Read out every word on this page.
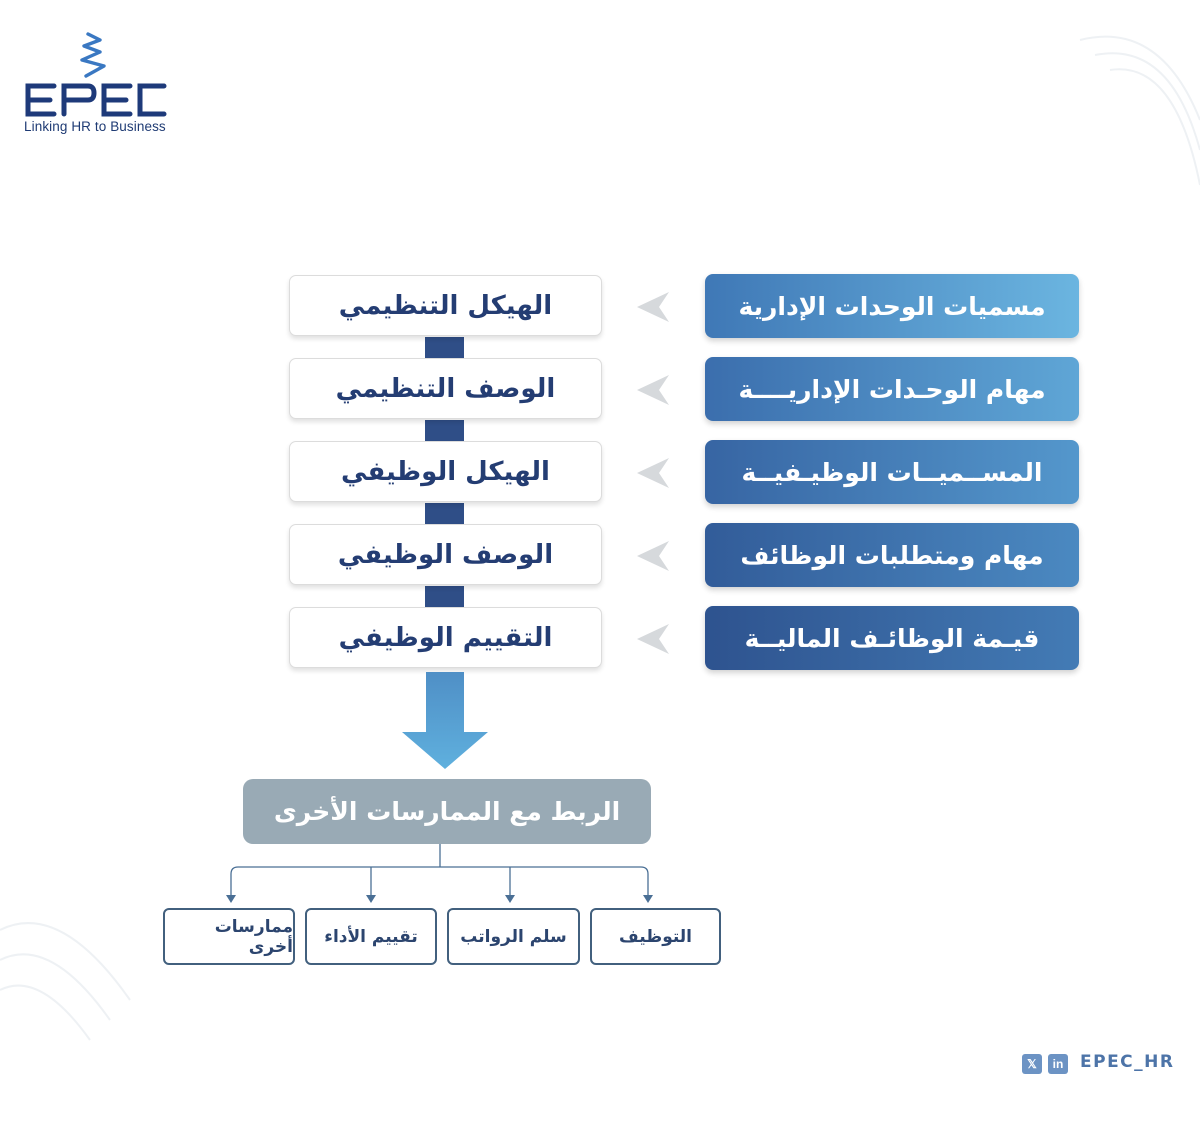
EPEC
Linking HR to Business
الهيكل التنظيمي
الوصف التنظيمي
الهيكل الوظيفي
الوصف الوظيفي
التقييم الوظيفي
مسميات الوحدات الإدارية
مهام الوحـدات الإداريــــة
المســميــات الوظيـفيــة
مهام ومتطلبات الوظائف
قيـمة الوظائـف الماليــة
الربط مع الممارسات الأخرى
ممارسات أخرى تقييم الأداء	سلم الرواتب	التوظيف
𝕏	in EPEC_HR
